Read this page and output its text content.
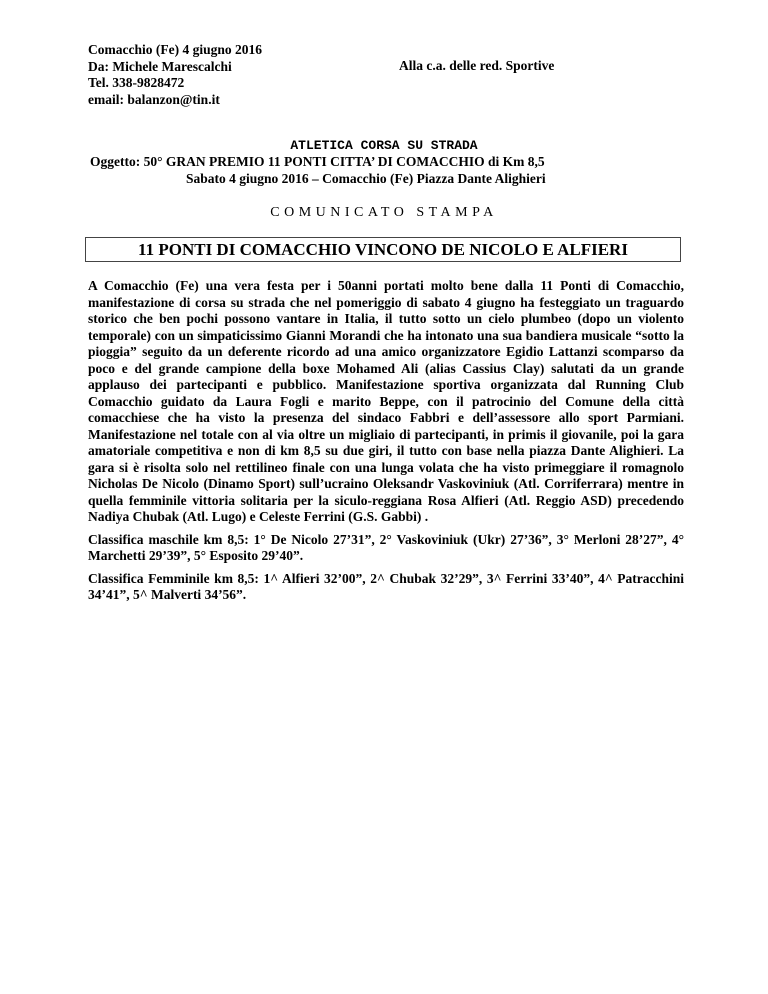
Comacchio (Fe) 4 giugno 2016
Da: Michele Marescalchi
Tel. 338-9828472
email: balanzon@tin.it
Alla c.a. delle red. Sportive
ATLETICA CORSA SU STRADA
Oggetto: 50° GRAN PREMIO 11 PONTI CITTA’ DI COMACCHIO di Km 8,5
Sabato 4 giugno 2016 – Comacchio (Fe) Piazza Dante Alighieri
COMUNICATO STAMPA
11 PONTI DI COMACCHIO VINCONO DE NICOLO E ALFIERI

A Comacchio (Fe) una vera festa per i 50anni portati molto bene dalla 11 Ponti di Comacchio, manifestazione di corsa su strada che nel pomeriggio di sabato 4 giugno ha festeggiato un traguardo storico che ben pochi possono vantare in Italia, il tutto sotto un cielo plumbeo (dopo un violento temporale) con un simpaticissimo Gianni Morandi che ha intonato una sua bandiera musicale “sotto la pioggia” seguito da un deferente ricordo ad una amico organizzatore Egidio Lattanzi scomparso da poco e del grande campione della boxe Mohamed Ali (alias Cassius Clay) salutati da un grande applauso dei partecipanti e pubblico. Manifestazione sportiva organizzata dal Running Club Comacchio guidato da Laura Fogli e marito Beppe, con il patrocinio del Comune della città comacchiese che ha visto la presenza del sindaco Fabbri e dell’assessore allo sport Parmiani. Manifestazione nel totale con al via oltre un migliaio di partecipanti, in primis il giovanile, poi la gara amatoriale competitiva e non di km 8,5 su due giri, il tutto con base nella piazza Dante Alighieri. La gara si è risolta solo nel rettilineo finale con una lunga volata che ha visto primeggiare il romagnolo Nicholas De Nicolo (Dinamo Sport) sull’ucraino Oleksandr Vaskoviniuk (Atl. Corriferrara) mentre in quella femminile vittoria solitaria per la siculo-reggiana Rosa Alfieri (Atl. Reggio ASD) precedendo Nadiya Chubak (Atl. Lugo) e Celeste Ferrini (G.S. Gabbi) .

Classifica maschile km 8,5: 1° De Nicolo 27’31”, 2° Vaskoviniuk (Ukr) 27’36”, 3° Merloni 28’27”, 4° Marchetti 29’39”, 5° Esposito 29’40”.

Classifica Femminile km 8,5: 1^ Alfieri 32’00”, 2^ Chubak 32’29”, 3^ Ferrini 33’40”, 4^ Patracchini 34’41”, 5^ Malverti 34’56”.
